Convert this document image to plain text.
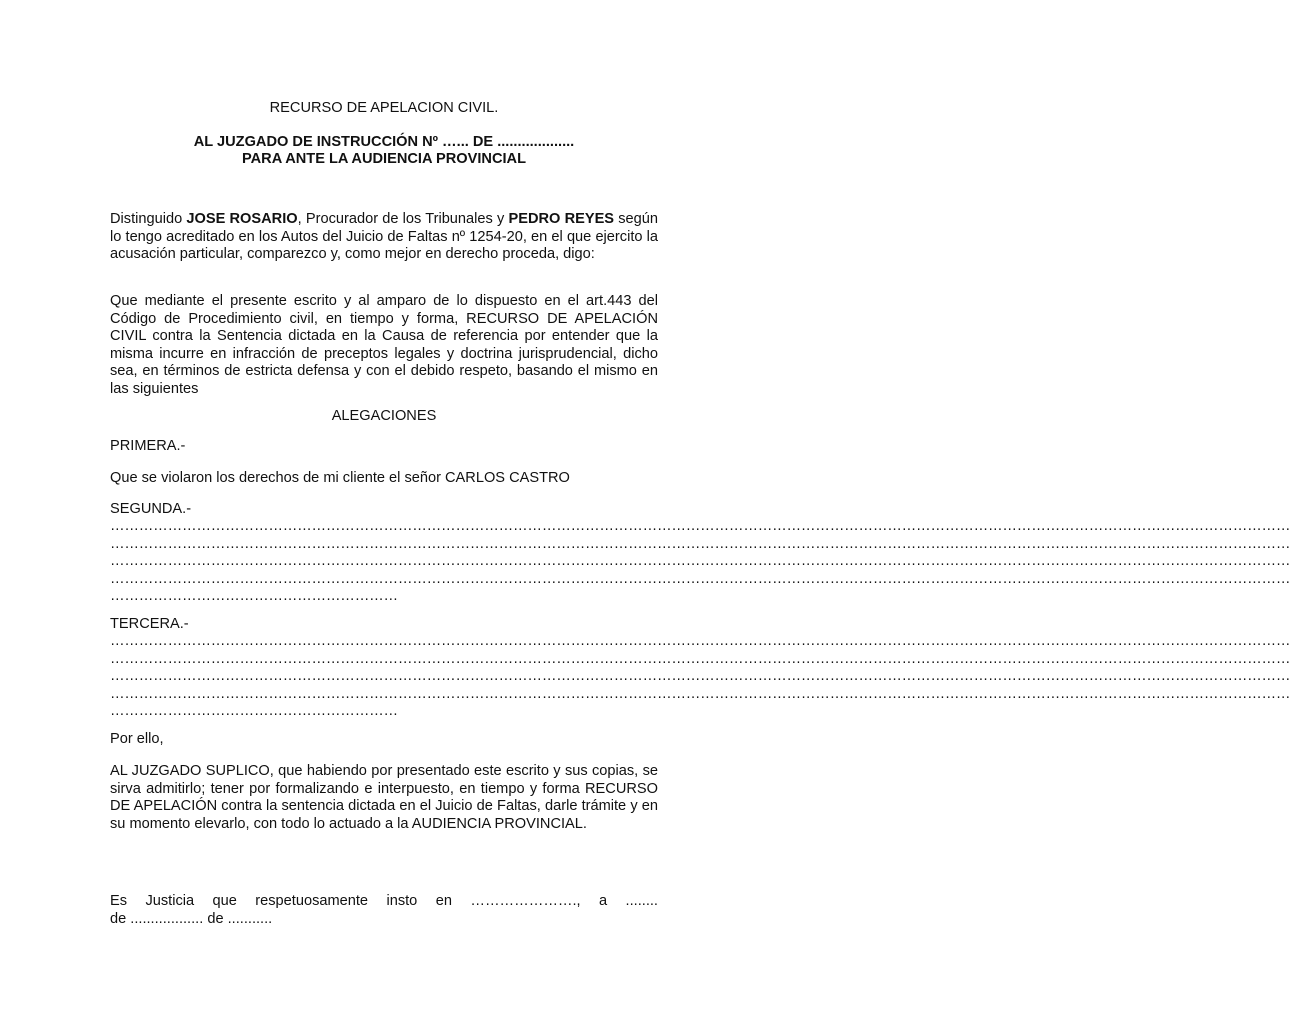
RECURSO DE APELACION CIVIL.
AL JUZGADO DE INSTRUCCIÓN Nº …... DE ...................
PARA ANTE LA AUDIENCIA PROVINCIAL
Distinguido JOSE ROSARIO, Procurador de los Tribunales y PEDRO REYES según lo tengo acreditado en los Autos del Juicio de Faltas nº 1254-20, en el que ejercito la acusación particular, comparezco y, como mejor en derecho proceda, digo:
Que mediante el presente escrito y al amparo de lo dispuesto en el art.443 del Código de Procedimiento civil, en tiempo y forma, RECURSO DE APELACIÓN CIVIL contra la Sentencia dictada en la Causa de referencia por entender que la misma incurre en infracción de preceptos legales y doctrina jurisprudencial, dicho sea, en términos de estricta defensa y con el debido respeto, basando el mismo en las siguientes
ALEGACIONES
PRIMERA.-
Que se violaron los derechos de mi cliente el señor CARLOS CASTRO
SEGUNDA.-
…………………………………………………………………………………………………………………………………………………………………………………………………………………………
…………………………………………………………………………………………………………………………………………………………………………………………………………………………
…………………………………………………………………………………………………………………………………………………………………………………………………………………………
…………………………………………………………………………………………………………………………………………………………………………………………………………………………
……………………………………………………
TERCERA.-
…………………………………………………………………………………………………………………………………………………………………………………………………………………………
…………………………………………………………………………………………………………………………………………………………………………………………………………………………
…………………………………………………………………………………………………………………………………………………………………………………………………………………………
…………………………………………………………………………………………………………………………………………………………………………………………………………………………
……………………………………………………
Por ello,
AL JUZGADO SUPLICO, que habiendo por presentado este escrito y sus copias, se sirva admitirlo; tener por formalizando e interpuesto, en tiempo y forma RECURSO DE APELACIÓN contra la sentencia dictada en el Juicio de Faltas, darle trámite y en su momento elevarlo, con todo lo actuado a la AUDIENCIA PROVINCIAL.
Es Justicia que respetuosamente insto en …………………., a ........
de .................. de ...........
